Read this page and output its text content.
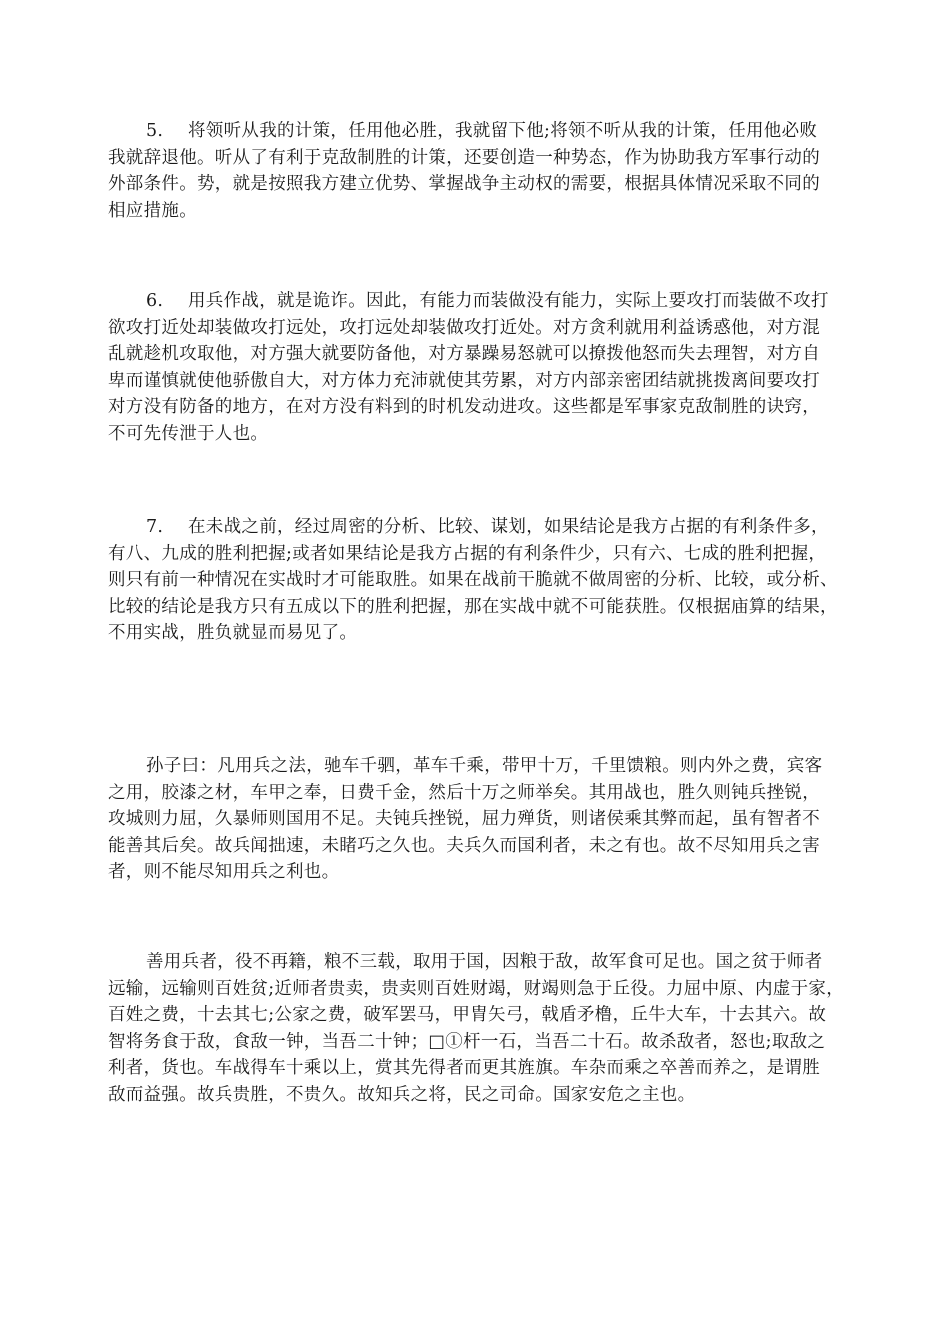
5. 将领听从我的计策，任用他必胜，我就留下他;将领不听从我的计策，任用他必败
我就辞退他。听从了有利于克敌制胜的计策，还要创造一种势态，作为协助我方军事行动的
外部条件。势，就是按照我方建立优势、掌握战争主动权的需要，根据具体情况采取不同的
相应措施。
6. 用兵作战，就是诡诈。因此，有能力而装做没有能力，实际上要攻打而装做不攻打
欲攻打近处却装做攻打远处，攻打远处却装做攻打近处。对方贪利就用利益诱惑他，对方混
乱就趁机攻取他，对方强大就要防备他，对方暴躁易怒就可以撩拨他怒而失去理智，对方自
卑而谨慎就使他骄傲自大，对方体力充沛就使其劳累，对方内部亲密团结就挑拨离间要攻打
对方没有防备的地方，在对方没有料到的时机发动进攻。这些都是军事家克敌制胜的诀窍，
不可先传泄于人也。
7. 在未战之前，经过周密的分析、比较、谋划，如果结论是我方占据的有利条件多，
有八、九成的胜利把握;或者如果结论是我方占据的有利条件少，只有六、七成的胜利把握，
则只有前一种情况在实战时才可能取胜。如果在战前干脆就不做周密的分析、比较，或分析、
比较的结论是我方只有五成以下的胜利把握，那在实战中就不可能获胜。仅根据庙算的结果，
不用实战，胜负就显而易见了。
孙子曰：凡用兵之法，驰车千驷，革车千乘，带甲十万，千里馈粮。则内外之费，宾客
之用，胶漆之材，车甲之奉，日费千金，然后十万之师举矣。其用战也，胜久则钝兵挫锐，
攻城则力屈，久暴师则国用不足。夫钝兵挫锐，屈力殚货，则诸侯乘其弊而起，虽有智者不
能善其后矣。故兵闻拙速，未睹巧之久也。夫兵久而国利者，未之有也。故不尽知用兵之害
者，则不能尽知用兵之利也。
善用兵者，役不再籍，粮不三载，取用于国，因粮于敌，故军食可足也。国之贫于师者
远输，远输则百姓贫;近师者贵卖，贵卖则百姓财竭，财竭则急于丘役。力屈中原、内虚于家，
百姓之费，十去其七;公家之费，破军罢马，甲胄矢弓，戟盾矛橹，丘牛大车，十去其六。故
智将务食于敌，食敌一钟，当吾二十钟；□①杆一石，当吾二十石。故杀敌者，怒也;取敌之
利者，货也。车战得车十乘以上，赏其先得者而更其旌旗。车杂而乘之卒善而养之，是谓胜
敌而益强。故兵贵胜，不贵久。故知兵之将，民之司命。国家安危之主也。
